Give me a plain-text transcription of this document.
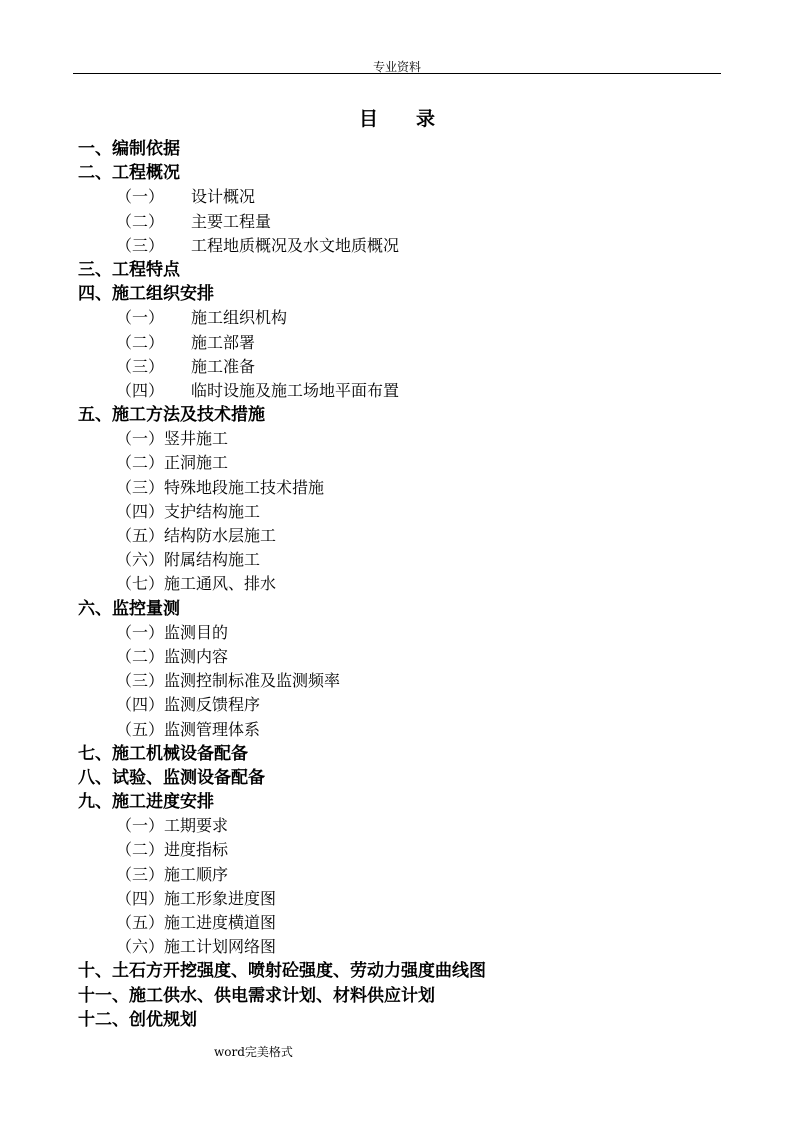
专业资料
目录
一、编制依据
二、工程概况
（一） 设计概况
（二） 主要工程量
（三） 工程地质概况及水文地质概况
三、工程特点
四、施工组织安排
（一） 施工组织机构
（二） 施工部署
（三） 施工准备
（四） 临时设施及施工场地平面布置
五、施工方法及技术措施
（一）竖井施工
（二）正洞施工
（三）特殊地段施工技术措施
（四）支护结构施工
（五）结构防水层施工
（六）附属结构施工
（七）施工通风、排水
六、监控量测
（一）监测目的
（二）监测内容
（三）监测控制标准及监测频率
（四）监测反馈程序
（五）监测管理体系
七、施工机械设备配备
八、试验、监测设备配备
九、施工进度安排
（一）工期要求
（二）进度指标
（三）施工顺序
（四）施工形象进度图
（五）施工进度横道图
（六）施工计划网络图
十、土石方开挖强度、喷射砼强度、劳动力强度曲线图
十一、施工供水、供电需求计划、材料供应计划
十二、创优规划
word完美格式
